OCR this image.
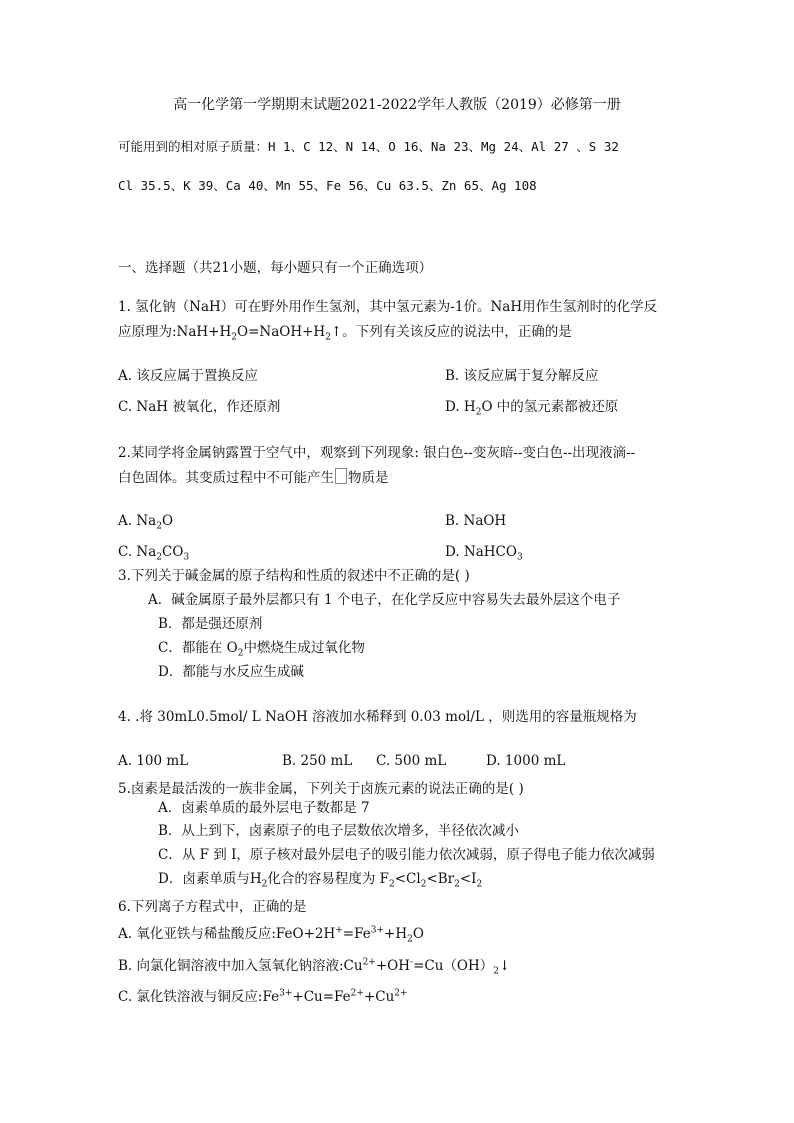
高一化学第一学期期末试题2021-2022学年人教版（2019）必修第一册
可能用到的相对原子质量：H 1、C 12、N 14、O 16、Na 23、Mg 24、Al 27 、S 32
Cl 35.5、K 39、Ca 40、Mn 55、Fe 56、Cu 63.5、Zn 65、Ag 108
一、选择题（共21小题，每小题只有一个正确选项）
1. 氢化钠（NaH）可在野外用作生氢剂，其中氢元素为-1价。NaH用作生氢剂时的化学反
应原理为$:NaH+H_2O=NaOH+H_2↑$。下列有关该反应的说法中，正确的是
A. 该反应属于置换反应	B. 该反应属于复分解反应
C. NaH 被氧化，作还原剂	D. $H_2O$ 中的氢元素都被还原
2.某同学将金属钠露置于空气中，观察到下列现象: 银白色--变灰暗--变白色--出现液滴--
白色固体。其变质过程中不可能产生 物质是
A. $Na_2O$	B. NaOH
C. $Na_2CO_3$	D. NaHCO$_3$
3.下列关于碱金属的原子结构和性质的叙述中不正确的是( )
A．碱金属原子最外层都只有 1 个电子，在化学反应中容易失去最外层这个电子
B．都是强还原剂
C．都能在 $O_2$中燃烧生成过氧化物
D．都能与水反应生成碱
4. .将 30mL0.5mol/ L NaOH 溶液加水稀释到 0.03 mol/L ，则选用的容量瓶规格为
A. 100 mL	B. 250 mL C. 500 mL	D. 1000 mL
5.卤素是最活泼的一族非金属，下列关于卤族元素的说法正确的是( )
A．卤素单质的最外层电子数都是 7
B．从上到下，卤素原子的电子层数依次增多，半径依次减小
C．从 F 到 I，原子核对最外层电子的吸引能力依次减弱，原子得电子能力依次减弱
D．卤素单质与$H_2$化合的容易程度为 $F_2<Cl_2<Br_2<I_2$
6.下列离子方程式中，正确的是
A. 氧化亚铁与稀盐酸反应$:FeO+2H^+=Fe^{3+}+H_2O$
B. 向氯化铜溶液中加入氢氧化钠溶液$:Cu^{2+}+OH^-=Cu(OH)_2↓$
C. 氯化铁溶液与铜反应$:Fe^{3+}+Cu=Fe^{2+}+Cu^{2+}$
